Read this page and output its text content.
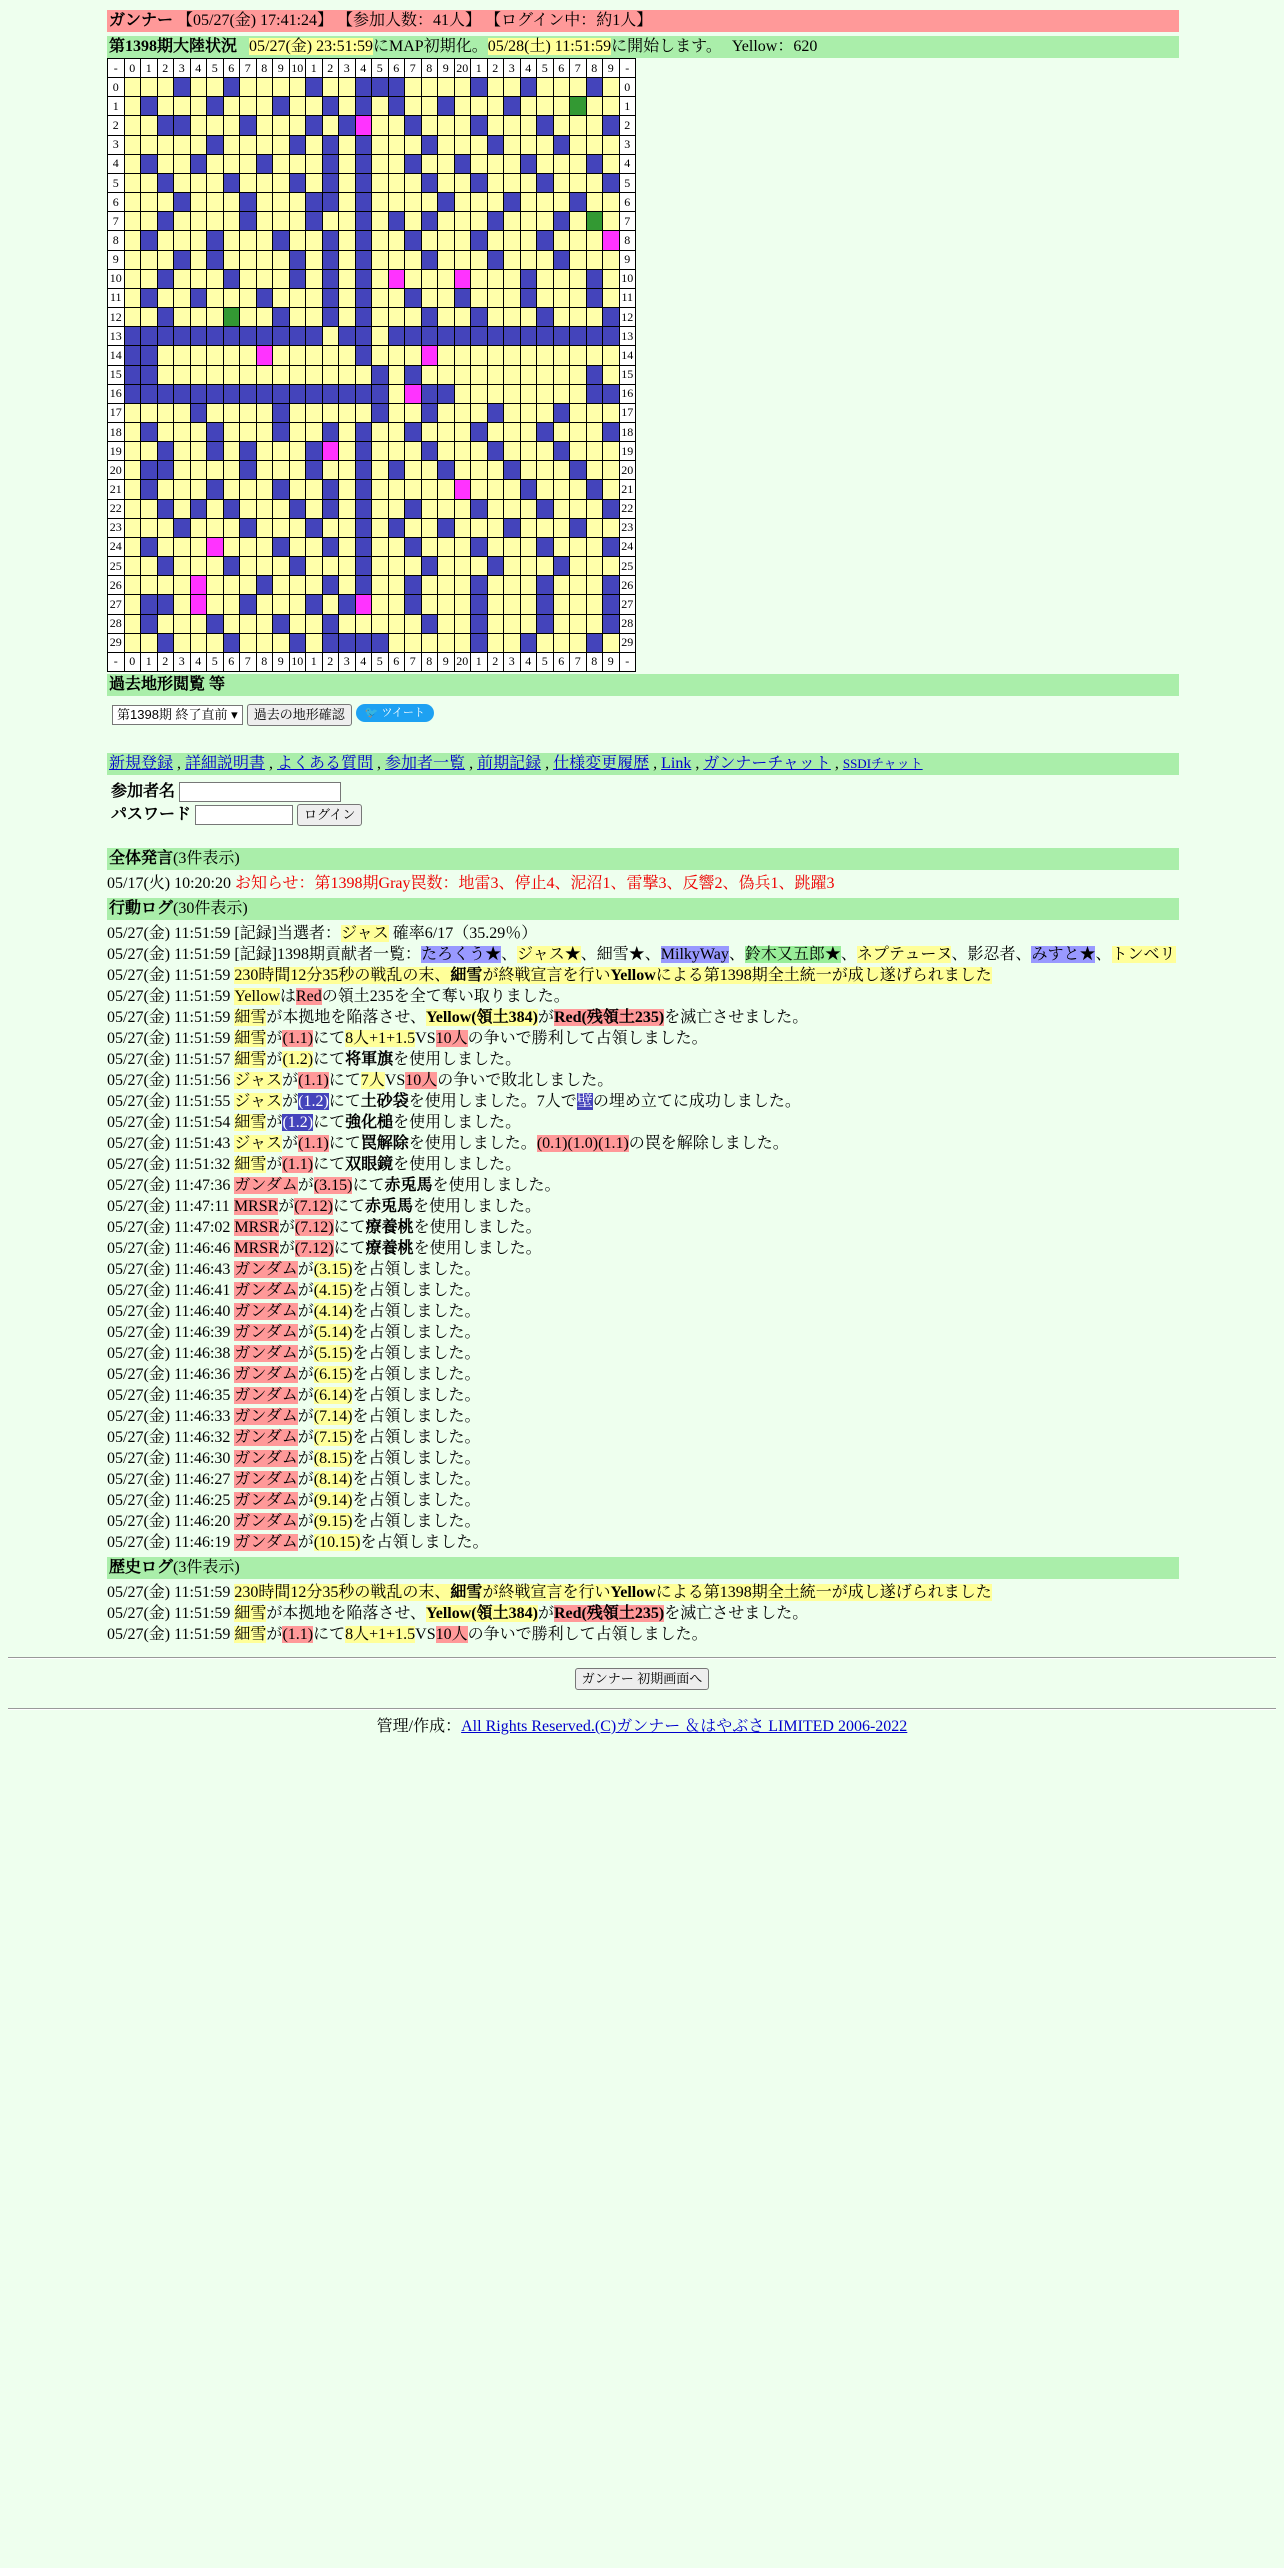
ガンナー 【05/27(金) 17:41:24】 【参加人数：41人】 【ログイン中：約1人】
第1398期大陸状況 05/27(金) 23:51:59にMAP初期化。05/28(土) 11:51:59に開始します。 Yellow：620
-	0	1	2	3	4	5	6	7	8	9	10	1	2	3	4	5	6	7	8	9	20	1	2	3	4	5	6	7	8	9	-
0																															0
1																															1
2																															2
3																															3
4																															4
5																															5
6																															6
7																															7
8																															8
9																															9
10																															10
11																															11
12																															12
13																															13
14																															14
15																															15
16																															16
17																															17
18																															18
19																															19
20																															20
21																															21
22																															22
23																															23
24																															24
25																															25
26																															26
27																															27
28																															28
29																															29
-	0	1	2	3	4	5	6	7	8	9	10	1	2	3	4	5	6	7	8	9	20	1	2	3	4	5	6	7	8	9	-
過去地形閲覧 等
第1398期 終了直前 ▾ 過去の地形確認 🐦 ツイート
新規登録 , 詳細説明書 , よくある質問 , 参加者一覧 , 前期記録 , 仕様変更履歴 , Link , ガンナーチャット , SSDIチャット
参加者名
パスワード	ログイン
全体発言(3件表示)
05/17(火) 10:20:20 お知らせ：第1398期Gray罠数：地雷3、停止4、泥沼1、雷撃3、反響2、偽兵1、跳躍3
行動ログ(30件表示)
05/27(金) 11:51:59 [記録]当選者：ジャス 確率6/17（35.29％）
05/27(金) 11:51:59 [記録]1398期貢献者一覧：たろくう★、ジャス★、細雪★、MilkyWay、鈴木又五郎★、ネプテューヌ、影忍者、みすと★、トンベリ
05/27(金) 11:51:59 230時間12分35秒の戦乱の末、細雪が終戦宣言を行いYellowによる第1398期全土統一が成し遂げられました
05/27(金) 11:51:59 YellowはRedの領土235を全て奪い取りました。
05/27(金) 11:51:59 細雪が本拠地を陥落させ、Yellow(領土384)がRed(残領土235)を滅亡させました。
05/27(金) 11:51:59 細雪が(1.1)にて8人+1+1.5VS10人の争いで勝利して占領しました。
05/27(金) 11:51:57 細雪が(1.2)にて将軍旗を使用しました。
05/27(金) 11:51:56 ジャスが(1.1)にて7人VS10人の争いで敗北しました。
05/27(金) 11:51:55 ジャスが(1.2)にて土砂袋を使用しました。7人で壁の埋め立てに成功しました。
05/27(金) 11:51:54 細雪が(1.2)にて強化槌を使用しました。
05/27(金) 11:51:43 ジャスが(1.1)にて罠解除を使用しました。(0.1)(1.0)(1.1)の罠を解除しました。
05/27(金) 11:51:32 細雪が(1.1)にて双眼鏡を使用しました。
05/27(金) 11:47:36 ガンダムが(3.15)にて赤兎馬を使用しました。
05/27(金) 11:47:11 MRSRが(7.12)にて赤兎馬を使用しました。
05/27(金) 11:47:02 MRSRが(7.12)にて療養桃を使用しました。
05/27(金) 11:46:46 MRSRが(7.12)にて療養桃を使用しました。
05/27(金) 11:46:43 ガンダムが(3.15)を占領しました。
05/27(金) 11:46:41 ガンダムが(4.15)を占領しました。
05/27(金) 11:46:40 ガンダムが(4.14)を占領しました。
05/27(金) 11:46:39 ガンダムが(5.14)を占領しました。
05/27(金) 11:46:38 ガンダムが(5.15)を占領しました。
05/27(金) 11:46:36 ガンダムが(6.15)を占領しました。
05/27(金) 11:46:35 ガンダムが(6.14)を占領しました。
05/27(金) 11:46:33 ガンダムが(7.14)を占領しました。
05/27(金) 11:46:32 ガンダムが(7.15)を占領しました。
05/27(金) 11:46:30 ガンダムが(8.15)を占領しました。
05/27(金) 11:46:27 ガンダムが(8.14)を占領しました。
05/27(金) 11:46:25 ガンダムが(9.14)を占領しました。
05/27(金) 11:46:20 ガンダムが(9.15)を占領しました。
05/27(金) 11:46:19 ガンダムが(10.15)を占領しました。
歴史ログ(3件表示)
05/27(金) 11:51:59 230時間12分35秒の戦乱の末、細雪が終戦宣言を行いYellowによる第1398期全土統一が成し遂げられました
05/27(金) 11:51:59 細雪が本拠地を陥落させ、Yellow(領土384)がRed(残領土235)を滅亡させました。
05/27(金) 11:51:59 細雪が(1.1)にて8人+1+1.5VS10人の争いで勝利して占領しました。
ガンナー 初期画面へ
管理/作成：All Rights Reserved.(C)ガンナー ＆はやぶさ LIMITED 2006-2022
